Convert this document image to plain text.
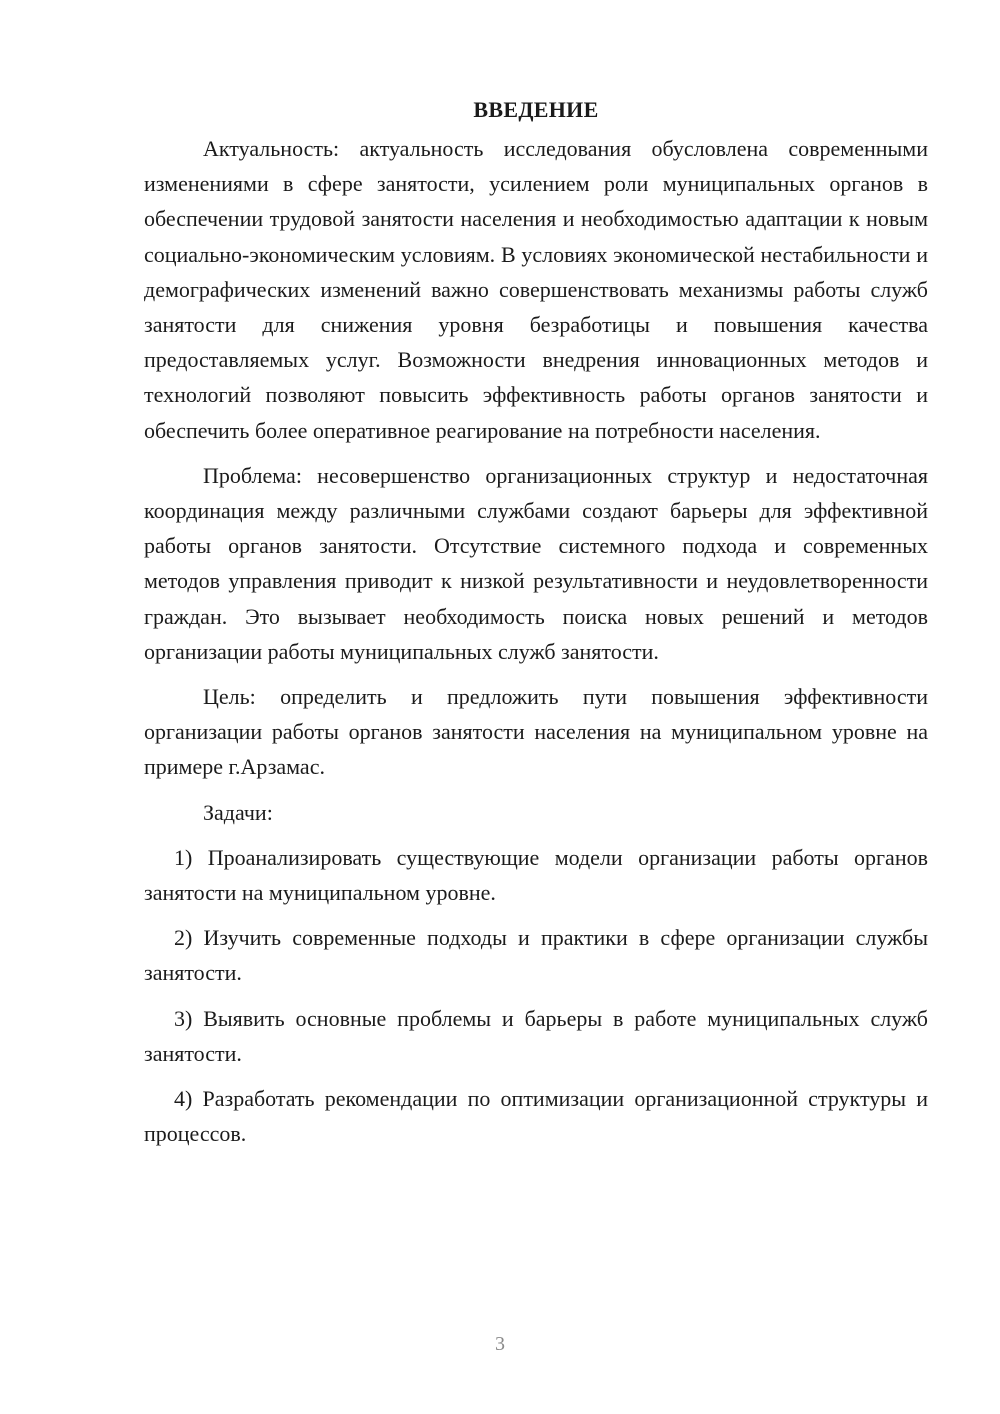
ВВЕДЕНИЕ

Актуальность: актуальность исследования обусловлена современными изменениями в сфере занятости, усилением роли муниципальных органов в обеспечении трудовой занятости населения и необходимостью адаптации к новым социально-экономическим условиям. В условиях экономической нестабильности и демографических изменений важно совершенствовать механизмы работы служб занятости для снижения уровня безработицы и повышения качества предоставляемых услуг. Возможности внедрения инновационных методов и технологий позволяют повысить эффективность работы органов занятости и обеспечить более оперативное реагирование на потребности населения.

Проблема: несовершенство организационных структур и недостаточная координация между различными службами создают барьеры для эффективной работы органов занятости. Отсутствие системного подхода и современных методов управления приводит к низкой результативности и неудовлетворенности граждан. Это вызывает необходимость поиска новых решений и методов организации работы муниципальных служб занятости.

Цель: определить и предложить пути повышения эффективности организации работы органов занятости населения на муниципальном уровне на примере г.Арзамас.

Задачи:

1) Проанализировать существующие модели организации работы органов занятости на муниципальном уровне.

2) Изучить современные подходы и практики в сфере организации службы занятости.

3) Выявить основные проблемы и барьеры в работе муниципальных служб занятости.

4) Разработать рекомендации по оптимизации организационной структуры и процессов.

3
